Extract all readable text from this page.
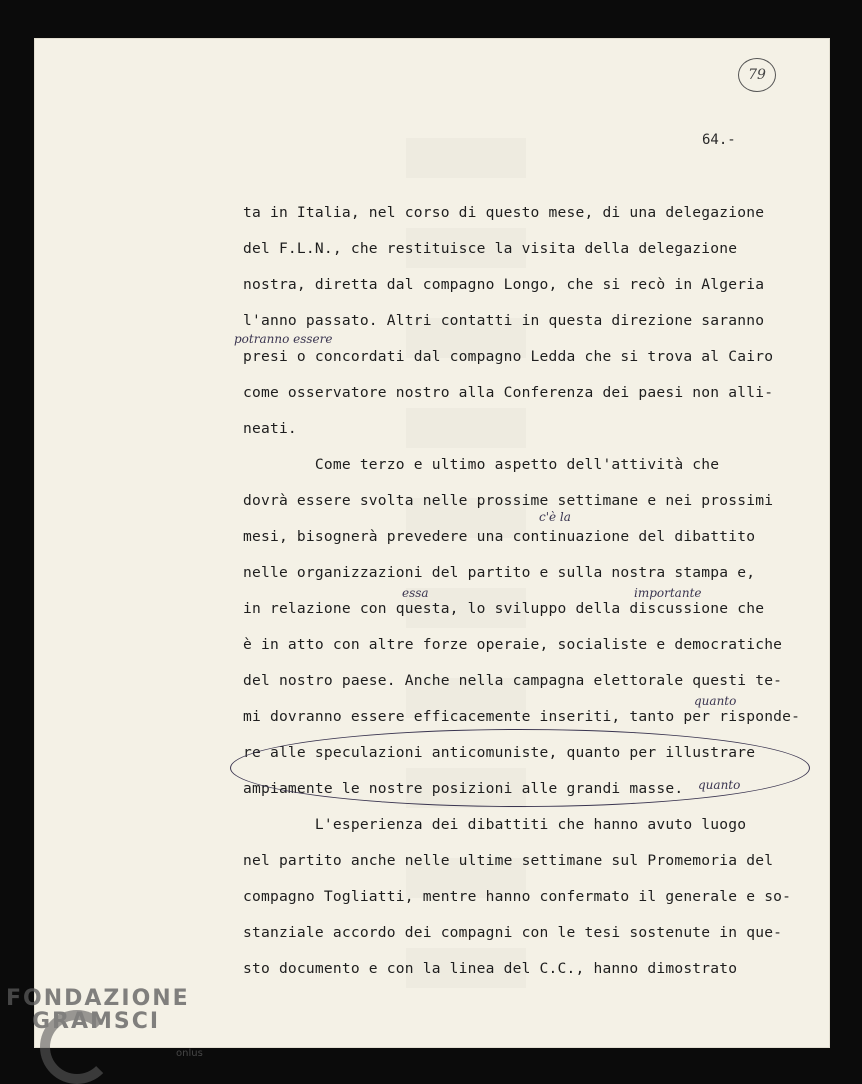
79
64.-
ta in Italia, nel corso di questo mese, di una delegazione
del F.L.N., che restituisce la visita della delegazione
nostra, diretta dal compagno Longo, che si recò in Algeria
l'anno passato. Altri contatti in questa direzione saranno
presi o concordati dal compagno Ledda che si trova al Cairo
come osservatore nostro alla Conferenza dei paesi non alli-
neati.
Come terzo e ultimo aspetto dell'attività che
dovrà essere svolta nelle prossime settimane e nei prossimi
mesi, bisognerà prevedere una continuazione del dibattito
nelle organizzazioni del partito e sulla nostra stampa e,
in relazione con questa, lo sviluppo della discussione che
è in atto con altre forze operaie, socialiste e democratiche
del nostro paese. Anche nella campagna elettorale questi te-
mi dovranno essere efficacemente inseriti, tanto per risponde-
re alle speculazioni anticomuniste, quanto per illustrare
ampiamente le nostre posizioni alle grandi masse.
L'esperienza dei dibattiti che hanno avuto luogo
nel partito anche nelle ultime settimane sul Promemoria del
compagno Togliatti, mentre hanno confermato il generale e so-
stanziale accordo dei compagni con le tesi sostenute in que-
sto documento e con la linea del C.C., hanno dimostrato
potranno essere
c'è la
essa	importante
quanto
quanto
FONDAZIONE
GRAMSCI
onlus
